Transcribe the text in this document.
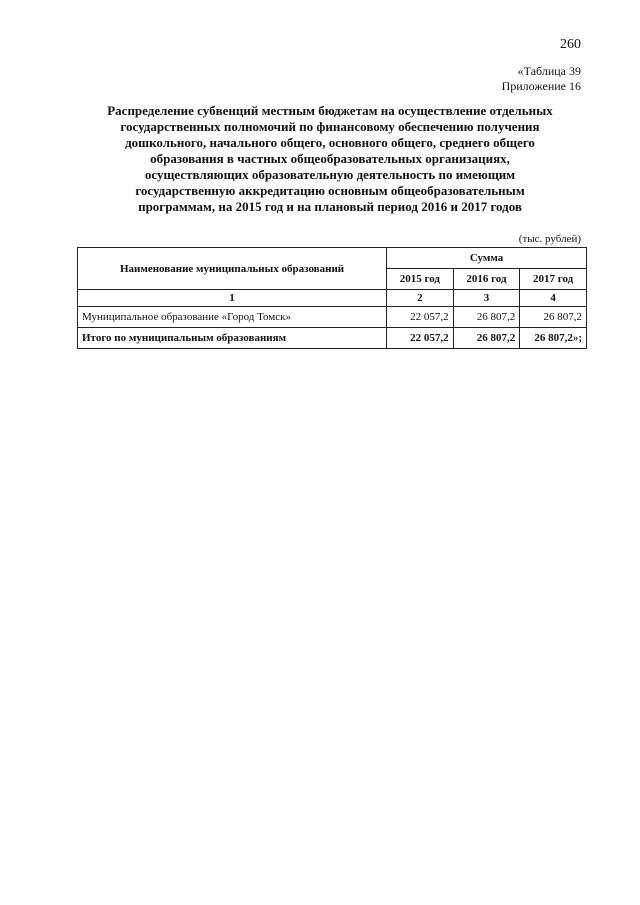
260
«Таблица 39
Приложение 16
Распределение субвенций местным бюджетам на осуществление отдельных
государственных полномочий по финансовому обеспечению получения
дошкольного, начального общего, основного общего, среднего общего
образования в частных общеобразовательных организациях,
осуществляющих образовательную деятельность по имеющим
государственную аккредитацию основным общеобразовательным
программам, на 2015 год и на плановый период 2016 и 2017 годов
(тыс. рублей)
Наименование муниципальных образований	Сумма		
	2015 год	2016 год	2017 год
1	2	3	4
Муниципальное образование «Город Томск»	22 057,2	26 807,2	26 807,2
Итого по муниципальным образованиям	22 057,2	26 807,2	26 807,2»;
